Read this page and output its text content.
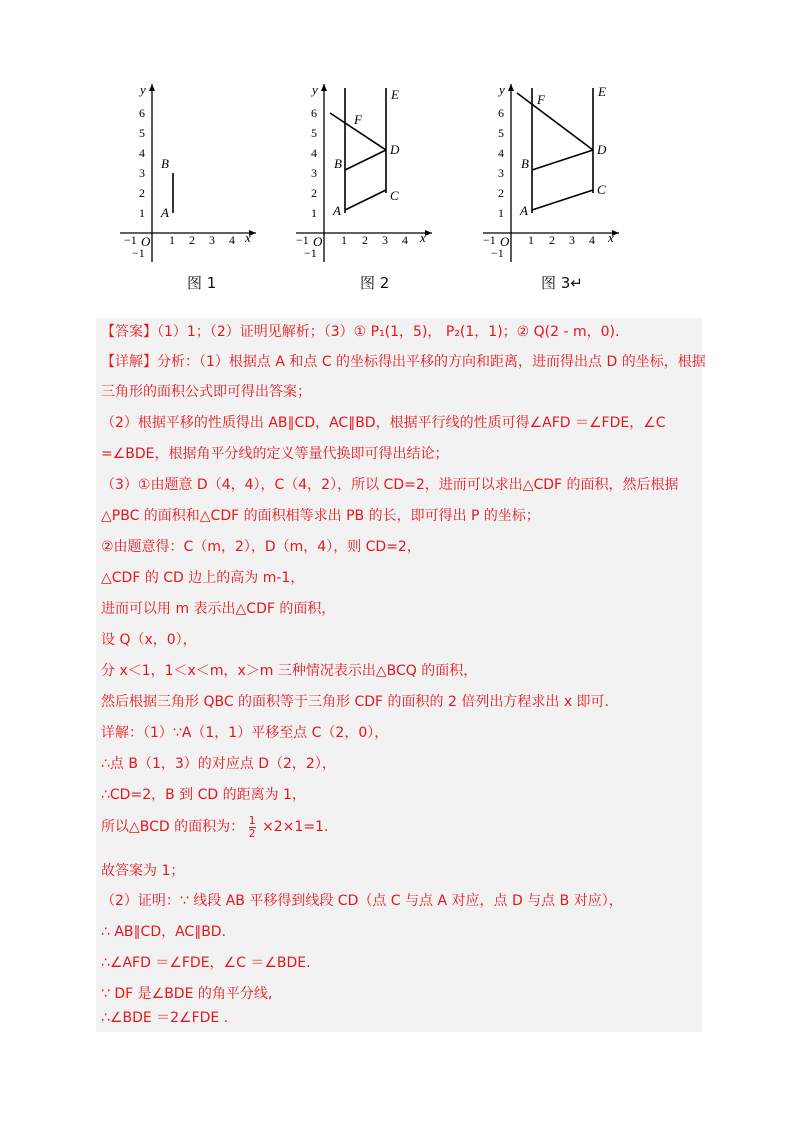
x
y
O
−1	1 2 3 4
−1
1
2
3
4
5
6
A
B
图 1
x
y
O
−1	1 2 3 4
−1
1
2
3
4
5
6
A
B
C
D
E
F
图 2
x
y
O
−1	1 2 3 4
−1
1
2
3
4
5
6
A
B
C
D
E
F
图 3↵
【答案】（1）1；（2）证明见解析；（3）① P₁(1，5)， P₂(1，1)；② Q(2 - m，0).
【详解】分析：（1）根据点 A 和点 C 的坐标得出平移的方向和距离，进而得出点 D 的坐标，根据
三角形的面积公式即可得出答案；
（2）根据平移的性质得出 AB∥CD，AC∥BD，根据平行线的性质可得∠AFD ＝∠FDE，∠C
=∠BDE，根据角平分线的定义等量代换即可得出结论；
（3）①由题意 D（4，4），C（4，2），所以 CD=2，进而可以求出△CDF 的面积，然后根据
△PBC 的面积和△CDF 的面积相等求出 PB 的长，即可得出 P 的坐标；
②由题意得：C（m，2），D（m，4），则 CD=2，
△CDF 的 CD 边上的高为 m-1，
进而可以用 m 表示出△CDF 的面积，
设 Q（x，0），
分 x＜1，1＜x＜m，x＞m 三种情况表示出△BCQ 的面积，
然后根据三角形 QBC 的面积等于三角形 CDF 的面积的 2 倍列出方程求出 x 即可.
详解：（1）∵A（1，1）平移至点 C（2，0），
∴点 B（1，3）的对应点 D（2，2），
∴CD=2，B 到 CD 的距离为 1，
所以△BCD 的面积为： $\frac{1}{2} \times 2\times 1=1$.
故答案为 1；
（2）证明：∵ 线段 AB 平移得到线段 CD（点 C 与点 A 对应，点 D 与点 B 对应），
∴ AB∥CD，AC∥BD.
∴∠AFD ＝∠FDE，∠C ＝∠BDE.
∵ DF 是∠BDE 的角平分线,
∴∠BDE ＝2∠FDE .
